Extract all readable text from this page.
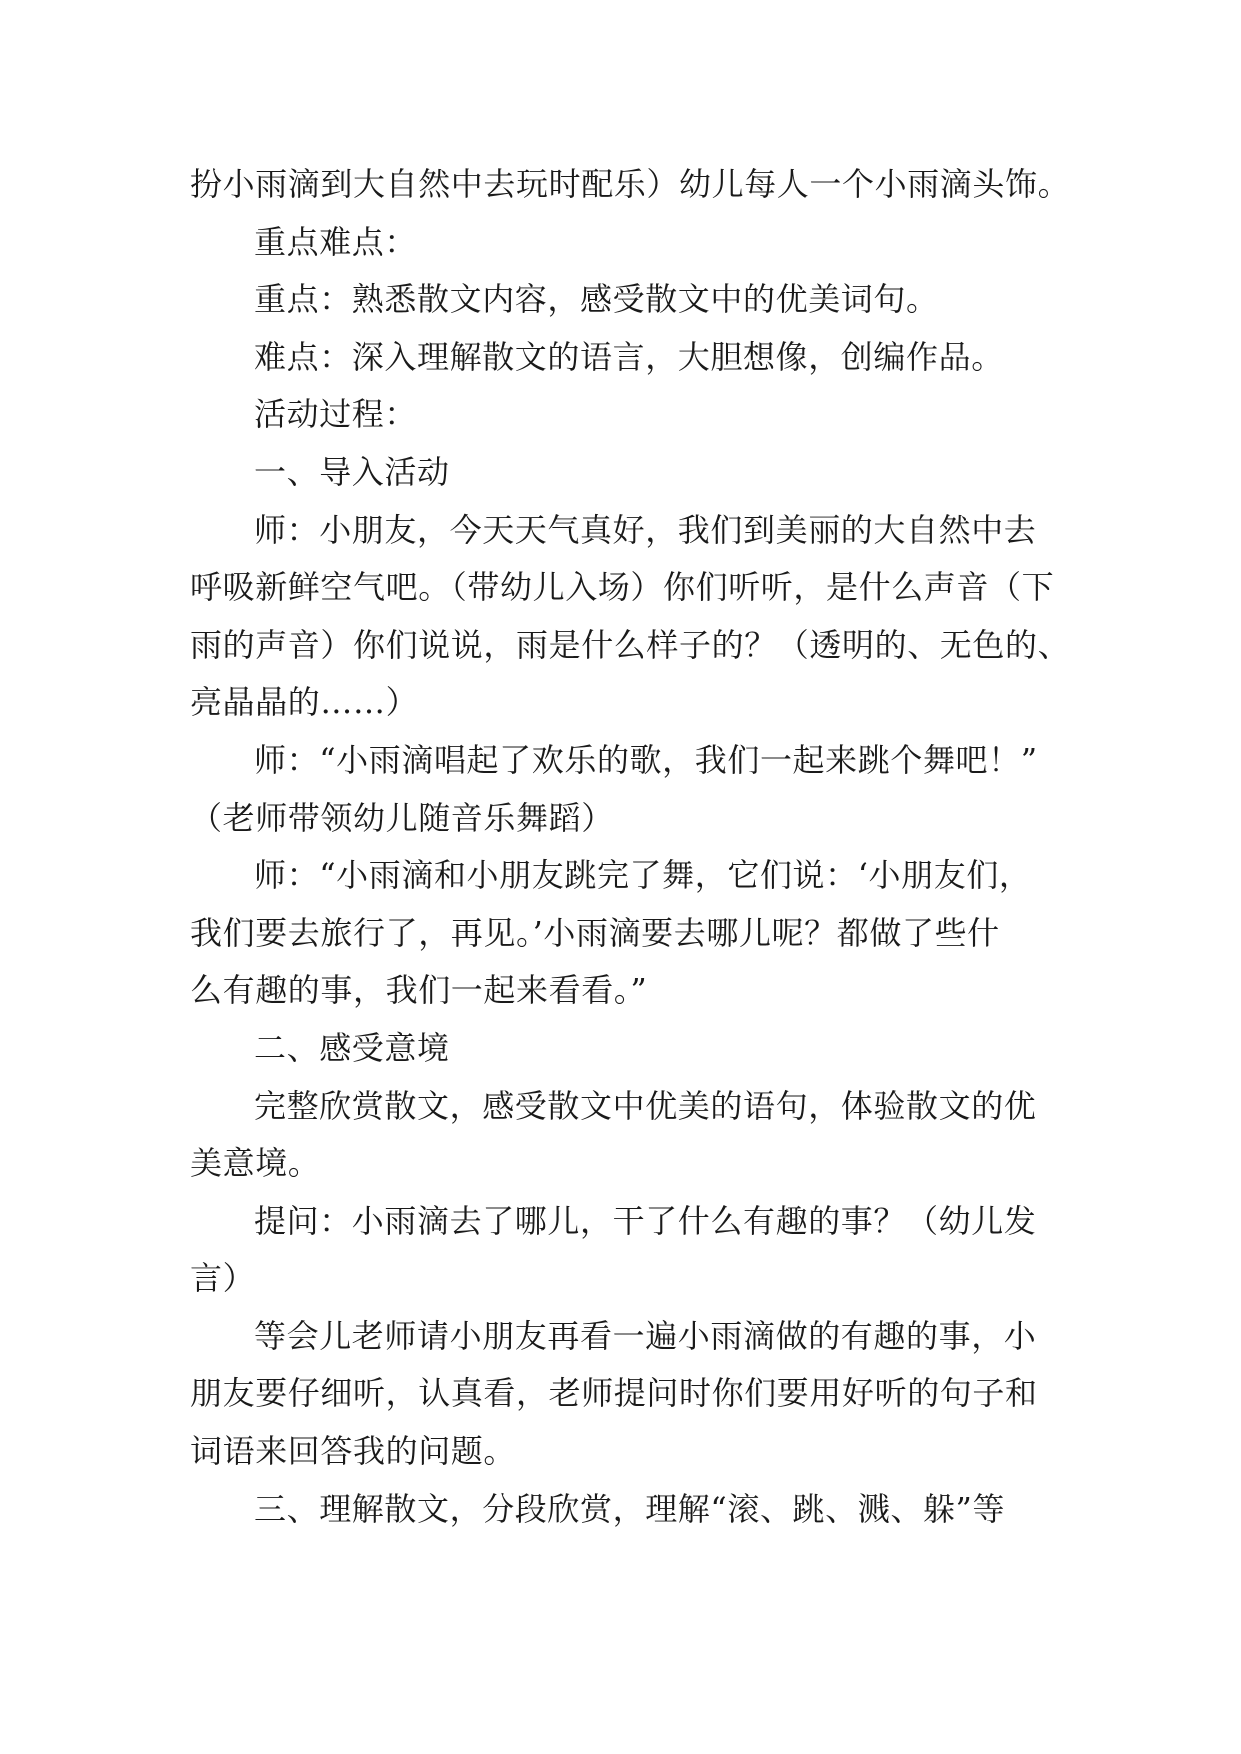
扮小雨滴到大自然中去玩时配乐）幼儿每人一个小雨滴头饰。
重点难点：
重点：熟悉散文内容，感受散文中的优美词句。
难点：深入理解散文的语言，大胆想像，创编作品。
活动过程：
一、导入活动
师：小朋友，今天天气真好，我们到美丽的大自然中去
呼吸新鲜空气吧。（带幼儿入场）你们听听，是什么声音（下
雨的声音）你们说说，雨是什么样子的？（透明的、无色的、
亮晶晶的……）
师：“小雨滴唱起了欢乐的歌，我们一起来跳个舞吧！”
（老师带领幼儿随音乐舞蹈）
师：“小雨滴和小朋友跳完了舞，它们说：‘小朋友们，
我们要去旅行了，再见。’小雨滴要去哪儿呢？都做了些什
么有趣的事，我们一起来看看。”
二、感受意境
完整欣赏散文，感受散文中优美的语句，体验散文的优
美意境。
提问：小雨滴去了哪儿，干了什么有趣的事？（幼儿发
言）
等会儿老师请小朋友再看一遍小雨滴做的有趣的事，小
朋友要仔细听，认真看，老师提问时你们要用好听的句子和
词语来回答我的问题。
三、理解散文，分段欣赏，理解“滚、跳、溅、躲”等
